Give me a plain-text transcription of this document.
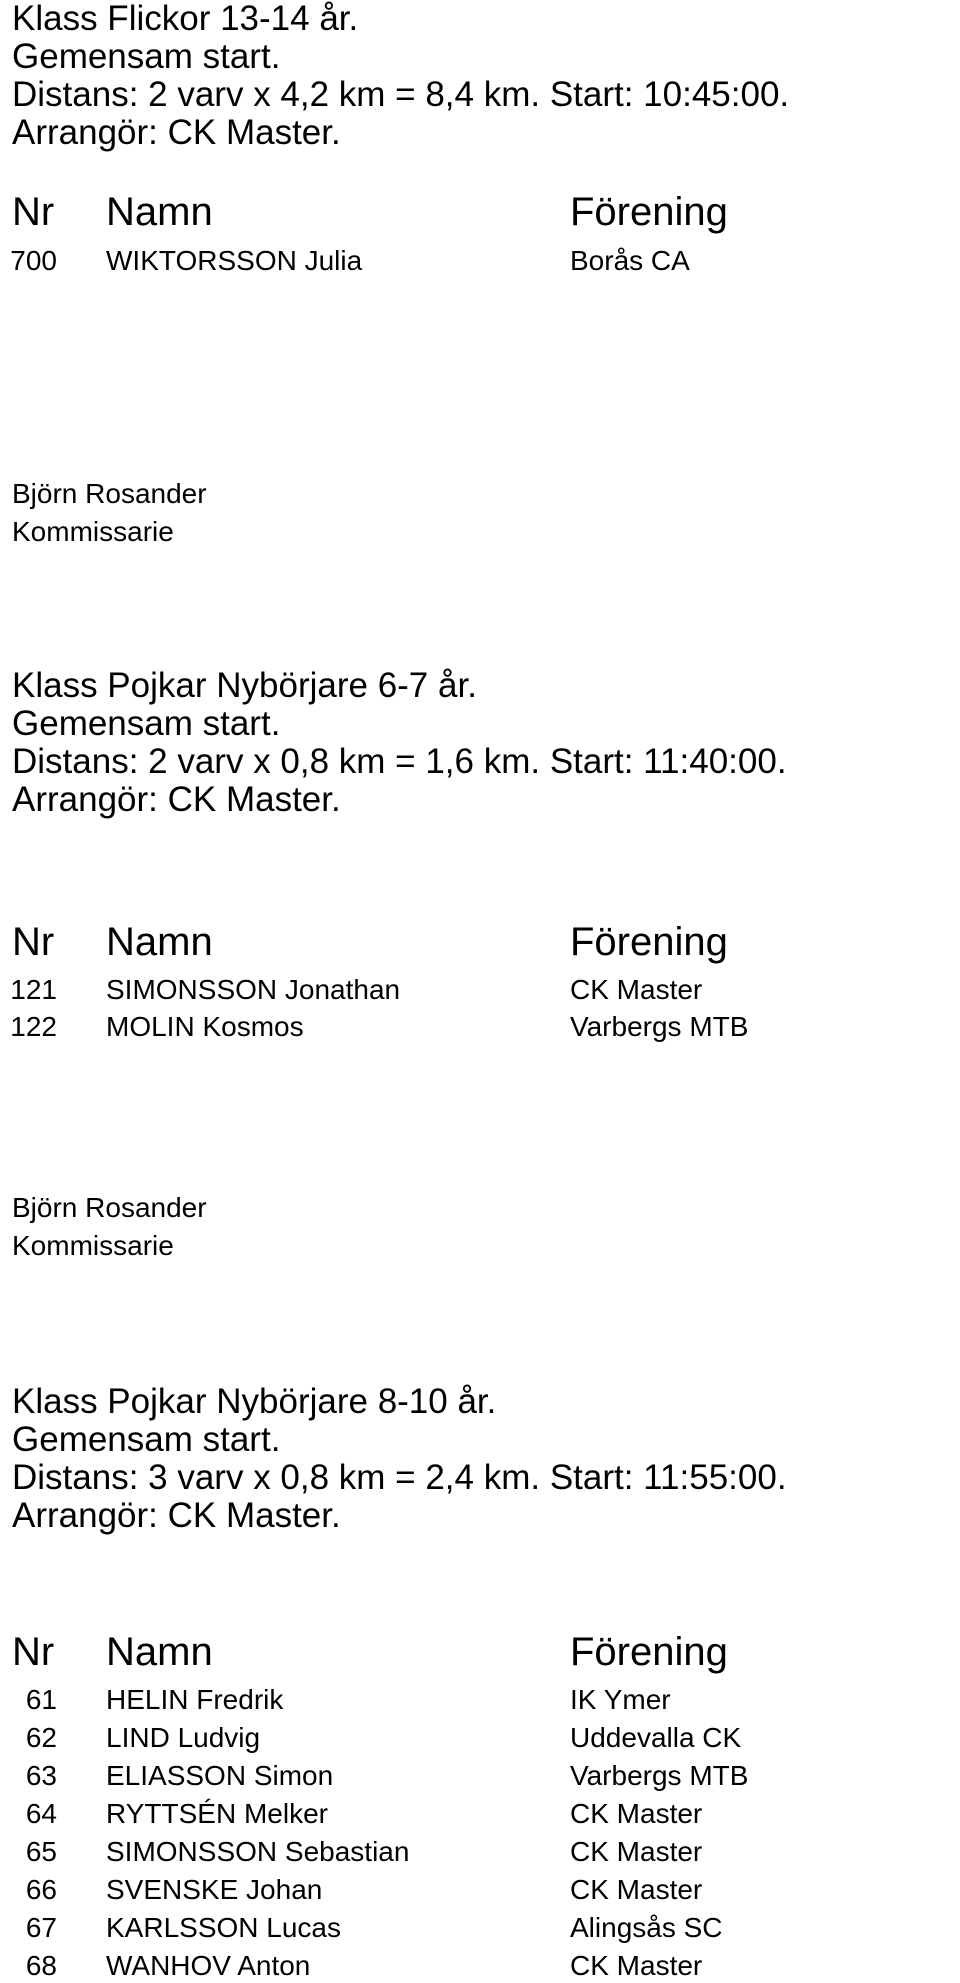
Klass Flickor 13-14 år.
Gemensam start.
Distans: 2 varv x 4,2 km = 8,4 km. Start: 10:45:00.
Arrangör: CK Master.
Nr Namn	Förening
700 WIKTORSSON Julia	Borås CA
Björn Rosander
Kommissarie
Klass Pojkar Nybörjare 6-7 år.
Gemensam start.
Distans: 2 varv x 0,8 km = 1,6 km. Start: 11:40:00.
Arrangör: CK Master.
Nr Namn	Förening
121 SIMONSSON Jonathan	CK Master
122 MOLIN Kosmos	Varbergs MTB
Björn Rosander
Kommissarie
Klass Pojkar Nybörjare 8-10 år.
Gemensam start.
Distans: 3 varv x 0,8 km = 2,4 km. Start: 11:55:00.
Arrangör: CK Master.
Nr Namn	Förening
61 HELIN Fredrik	IK Ymer
62 LIND Ludvig	Uddevalla CK
63 ELIASSON Simon	Varbergs MTB
64 RYTTSÉN Melker	CK Master
65 SIMONSSON Sebastian	CK Master
66 SVENSKE Johan	CK Master
67 KARLSSON Lucas	Alingsås SC
68 WANHOV Anton	CK Master
